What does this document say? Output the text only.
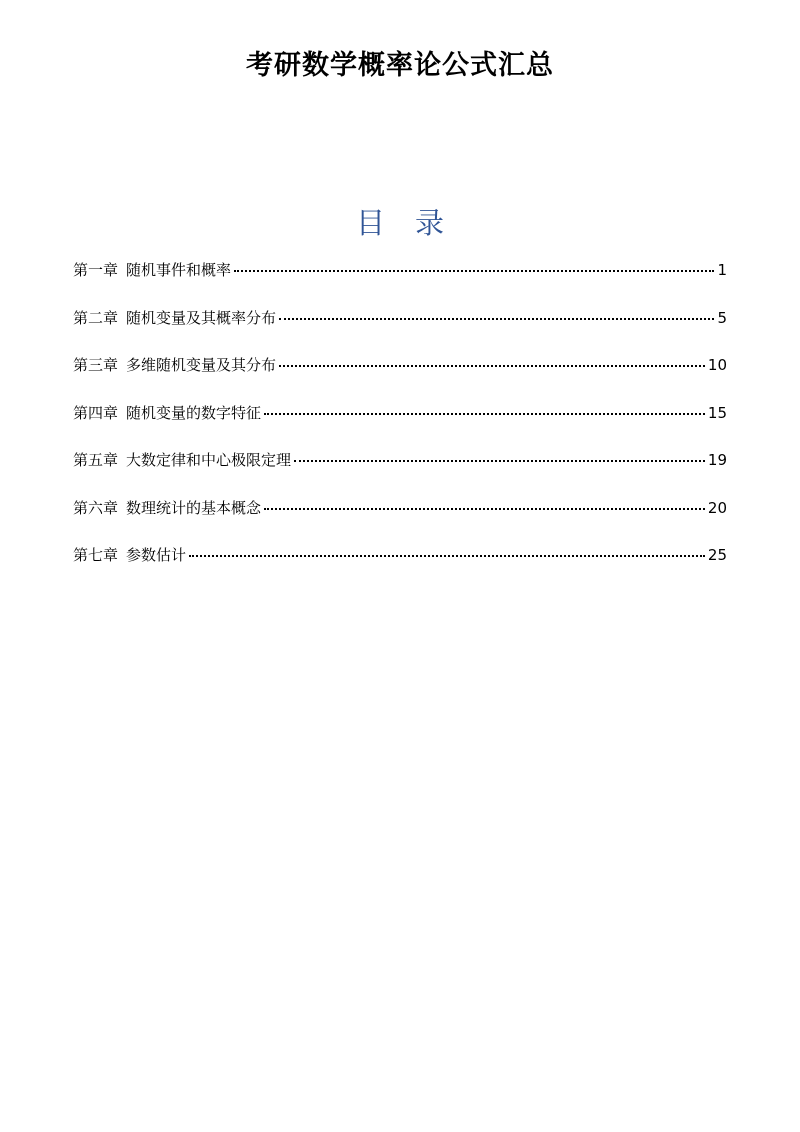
考研数学概率论公式汇总
目录
第一章 随机事件和概率	1
第二章 随机变量及其概率分布	5
第三章 多维随机变量及其分布	10
第四章 随机变量的数字特征	15
第五章 大数定律和中心极限定理	19
第六章 数理统计的基本概念	20
第七章 参数估计	25
